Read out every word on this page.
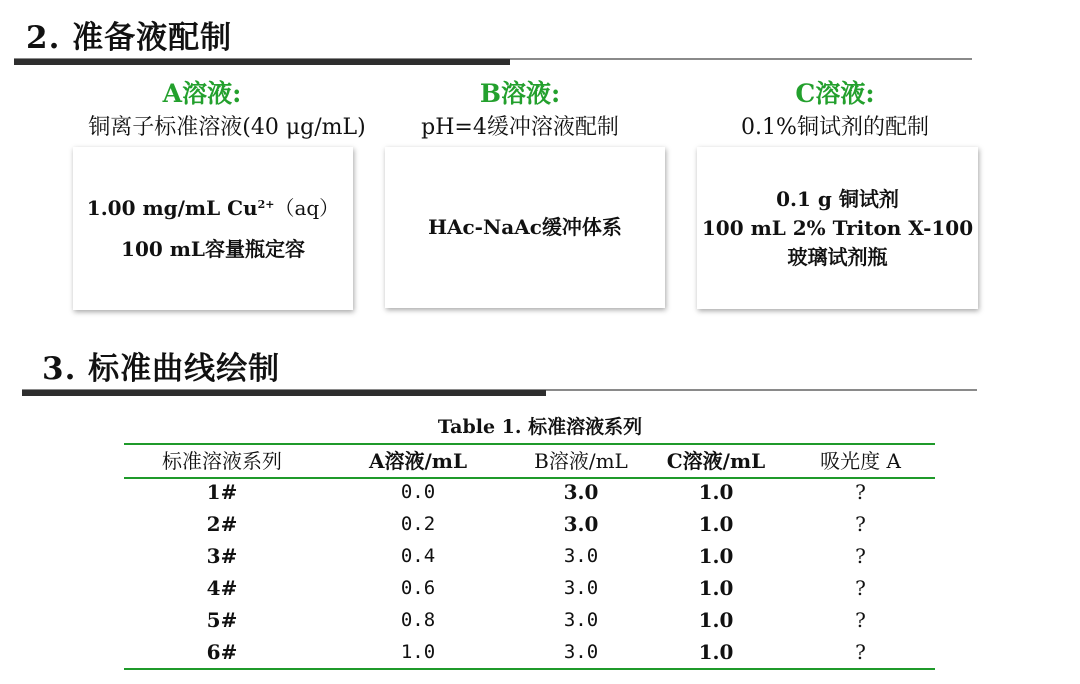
2. 准备液配制
A溶液:
铜离子标准溶液(40 μg/mL)
B溶液:
pH=4缓冲溶液配制
C溶液:
0.1%铜试剂的配制
1.00 mg/mL $Cu^{2+}(aq)$
100 mL容量瓶定容
HAc-NaAc缓冲体系
0.1 g 铜试剂
100 mL 2% Triton X-100
玻璃试剂瓶
3. 标准曲线绘制
Table 1. 标准溶液系列
标准溶液系列	A溶液/mL	B溶液/mL	C溶液/mL	吸光度 A
1#	0.0	3.0	1.0	?
2#	0.2	3.0	1.0	?
3#	0.4	3.0	1.0	?
4#	0.6	3.0	1.0	?
5#	0.8	3.0	1.0	?
6#	1.0	3.0	1.0	?
